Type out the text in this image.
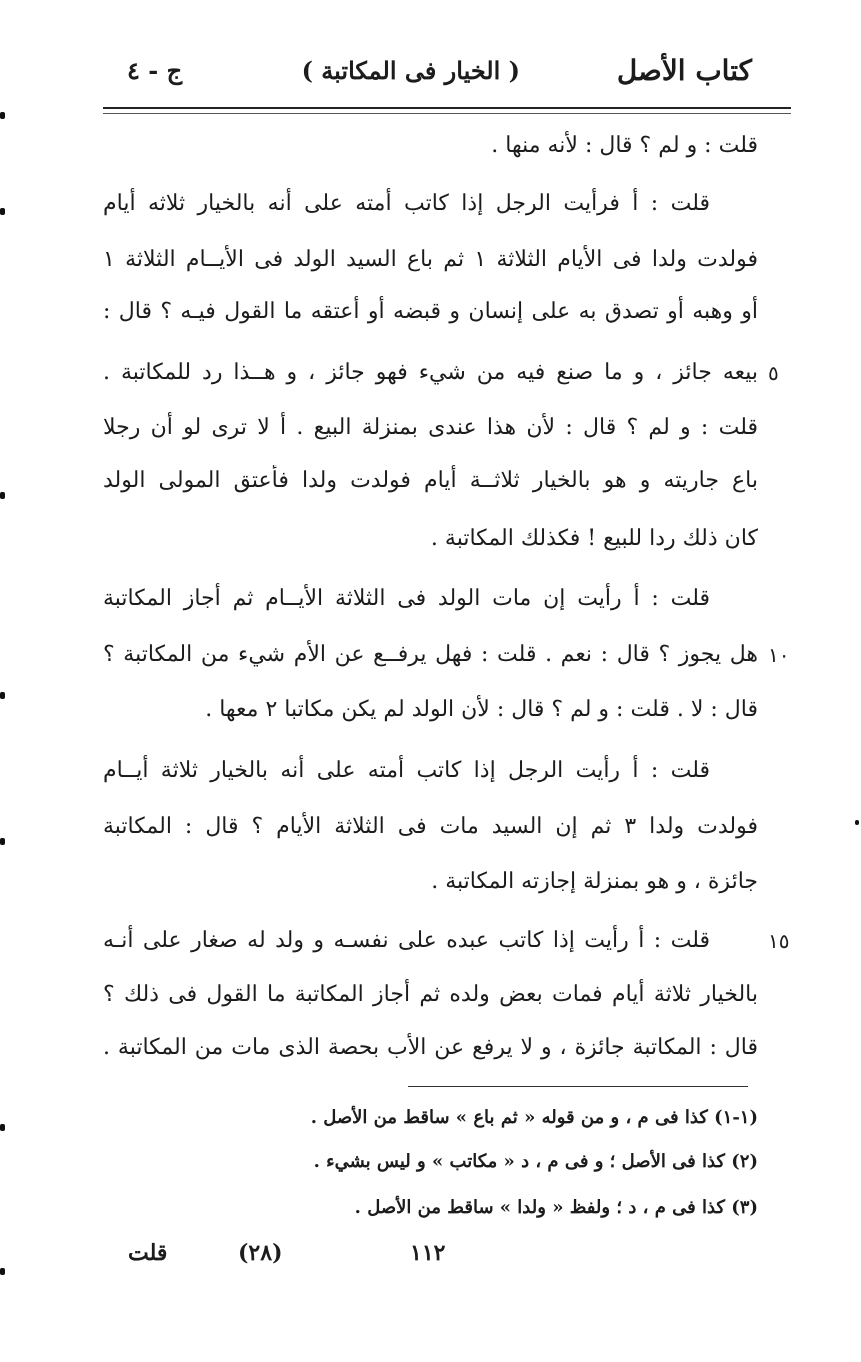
كتاب الأصل
( الخيار فى المكاتبة )
ج - ٤
قلت : و لم ؟ قال : لأنه منها .
قلت : أ فرأيت الرجل إذا كاتب أمته على أنه بالخيار ثلاثه أيام
فولدت ولدا فى الأيام الثلاثة ١ ثم باع السيد الولد فى الأيــام الثلاثة ١
أو وهبه أو تصدق به على إنسان و قبضه أو أعتقه ما القول فيـه ؟ قال :
بيعه جائز ، و ما صنع فيه من شيء فهو جائز ، و هــذا رد للمكاتبة . ٥
قلت : و لم ؟ قال : لأن هذا عندى بمنزلة البيع . أ لا ترى لو أن رجلا
باع جاريته و هو بالخيار ثلاثــة أيام فولدت ولدا فأعتق المولى الولد
كان ذلك ردا للبيع ! فكذلك المكاتبة .
قلت : أ رأيت إن مات الولد فى الثلاثة الأيــام ثم أجاز المكاتبة
هل يجوز ؟ قال : نعم . قلت : فهل يرفــع عن الأم شيء من المكاتبة ؟ ١٠
قال : لا . قلت : و لم ؟ قال : لأن الولد لم يكن مكاتبا ٢ معها .
قلت : أ رأيت الرجل إذا كاتب أمته على أنه بالخيار ثلاثة أيــام
فولدت ولدا ٣ ثم إن السيد مات فى الثلاثة الأيام ؟ قال : المكاتبة
جائزة ، و هو بمنزلة إجازته المكاتبة .
قلت : أ رأيت إذا كاتب عبده على نفسـه و ولد له صغار على أنـه	١٥
بالخيار ثلاثة أيام فمات بعض ولده ثم أجاز المكاتبة ما القول فى ذلك ؟
قال : المكاتبة جائزة ، و لا يرفع عن الأب بحصة الذى مات من المكاتبة .
(١-١) كذا فى م ، و من قوله « ثم باع » ساقط من الأصل .
(٢) كذا فى الأصل ؛ و فى م ، د « مكاتب » و ليس بشيء .
(٣) كذا فى م ، د ؛ ولفظ « ولدا » ساقط من الأصل .
قلت	(٢٨)	١١٢
